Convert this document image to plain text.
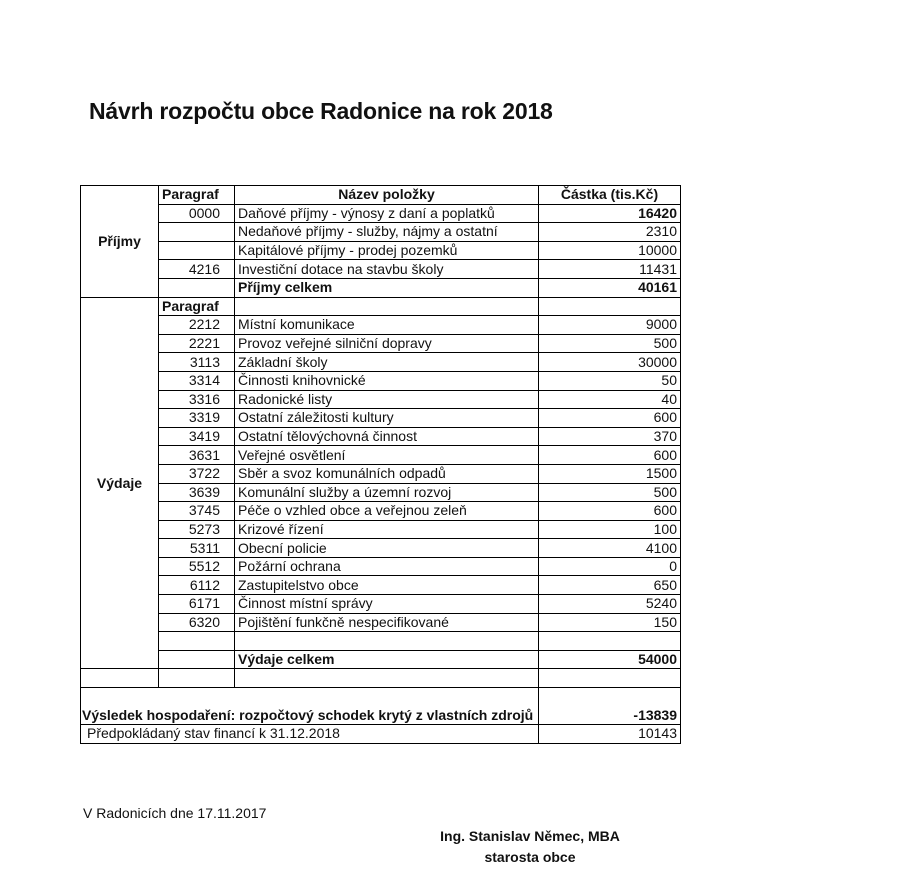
Návrh rozpočtu obce Radonice na rok 2018
Příjmy	Paragraf	Název položky	Částka (tis.Kč)
	0000	Daňové příjmy - výnosy z daní a poplatků	16420
		Nedaňové příjmy - služby, nájmy a ostatní	2310
		Kapitálové příjmy - prodej pozemků	10000
	4216	Investiční dotace na stavbu školy	11431
		Příjmy celkem	40161
Výdaje	Paragraf		
	2212	Místní komunikace	9000
	2221	Provoz veřejné silniční dopravy	500
	3113	Základní školy	30000
	3314	Činnosti knihovnické	50
	3316	Radonické listy	40
	3319	Ostatní záležitosti kultury	600
	3419	Ostatní tělovýchovná činnost	370
	3631	Veřejné osvětlení	600
	3722	Sběr a svoz komunálních odpadů	1500
	3639	Komunální služby a územní rozvoj	500
	3745	Péče o vzhled obce a veřejnou zeleň	600
	5273	Krizové řízení	100
	5311	Obecní policie	4100
	5512	Požární ochrana	0
	6112	Zastupitelstvo obce	650
	6171	Činnost místní správy	5240
	6320	Pojištění funkčně nespecifikované	150

		Výdaje celkem	54000

Výsledek hospodaření: rozpočtový schodek krytý z vlastních zdrojů			-13839
Předpokládaný stav financí k 31.12.2018			10143
V Radonicích dne 17.11.2017
Ing. Stanislav Němec, MBA
starosta obce
